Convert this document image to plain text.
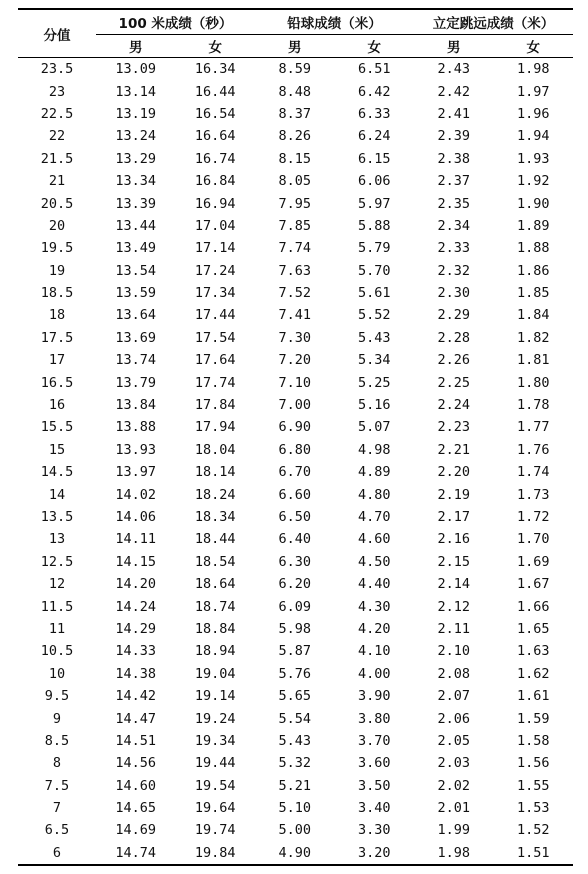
分值	100 米成绩（秒）		铅球成绩（米）		立定跳远成绩（米）	

	男	女	男	女	男	女
23.5	13.09	16.34	8.59	6.51	2.43	1.98
23	13.14	16.44	8.48	6.42	2.42	1.97
22.5	13.19	16.54	8.37	6.33	2.41	1.96
22	13.24	16.64	8.26	6.24	2.39	1.94
21.5	13.29	16.74	8.15	6.15	2.38	1.93
21	13.34	16.84	8.05	6.06	2.37	1.92
20.5	13.39	16.94	7.95	5.97	2.35	1.90
20	13.44	17.04	7.85	5.88	2.34	1.89
19.5	13.49	17.14	7.74	5.79	2.33	1.88
19	13.54	17.24	7.63	5.70	2.32	1.86
18.5	13.59	17.34	7.52	5.61	2.30	1.85
18	13.64	17.44	7.41	5.52	2.29	1.84
17.5	13.69	17.54	7.30	5.43	2.28	1.82
17	13.74	17.64	7.20	5.34	2.26	1.81
16.5	13.79	17.74	7.10	5.25	2.25	1.80
16	13.84	17.84	7.00	5.16	2.24	1.78
15.5	13.88	17.94	6.90	5.07	2.23	1.77
15	13.93	18.04	6.80	4.98	2.21	1.76
14.5	13.97	18.14	6.70	4.89	2.20	1.74
14	14.02	18.24	6.60	4.80	2.19	1.73
13.5	14.06	18.34	6.50	4.70	2.17	1.72
13	14.11	18.44	6.40	4.60	2.16	1.70
12.5	14.15	18.54	6.30	4.50	2.15	1.69
12	14.20	18.64	6.20	4.40	2.14	1.67
11.5	14.24	18.74	6.09	4.30	2.12	1.66
11	14.29	18.84	5.98	4.20	2.11	1.65
10.5	14.33	18.94	5.87	4.10	2.10	1.63
10	14.38	19.04	5.76	4.00	2.08	1.62
9.5	14.42	19.14	5.65	3.90	2.07	1.61
9	14.47	19.24	5.54	3.80	2.06	1.59
8.5	14.51	19.34	5.43	3.70	2.05	1.58
8	14.56	19.44	5.32	3.60	2.03	1.56
7.5	14.60	19.54	5.21	3.50	2.02	1.55
7	14.65	19.64	5.10	3.40	2.01	1.53
6.5	14.69	19.74	5.00	3.30	1.99	1.52
6	14.74	19.84	4.90	3.20	1.98	1.51
